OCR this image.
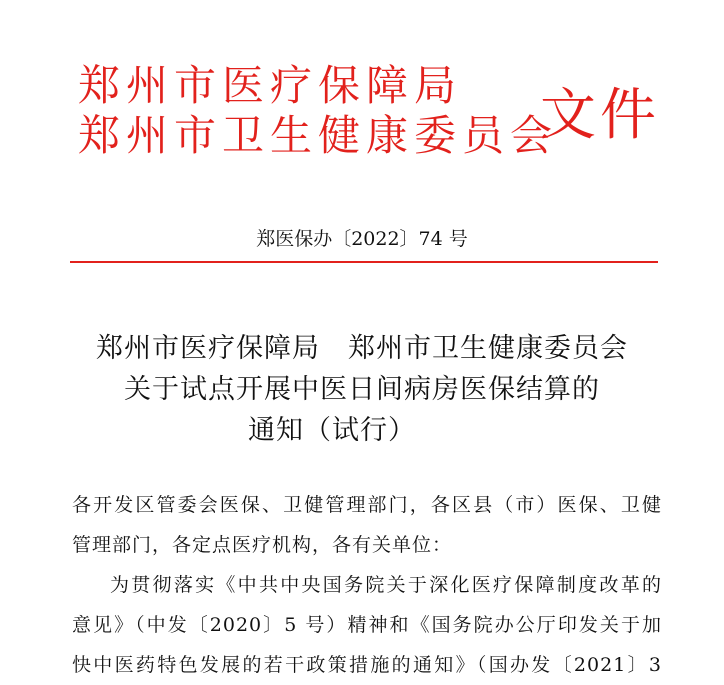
郑州市医疗保障局
郑州市卫生健康委员会
文件
郑医保办〔2022〕74 号
郑州市医疗保障局　郑州市卫生健康委员会
关于试点开展中医日间病房医保结算的
通知（试行）
各开发区管委会医保、卫健管理部门，各区县（市）医保、卫健
管理部门，各定点医疗机构，各有关单位：
为贯彻落实《中共中央国务院关于深化医疗保障制度改革的
意见》（中发〔2020〕5 号）精神和《国务院办公厅印发关于加
快中医药特色发展的若干政策措施的通知》（国办发〔2021〕3
